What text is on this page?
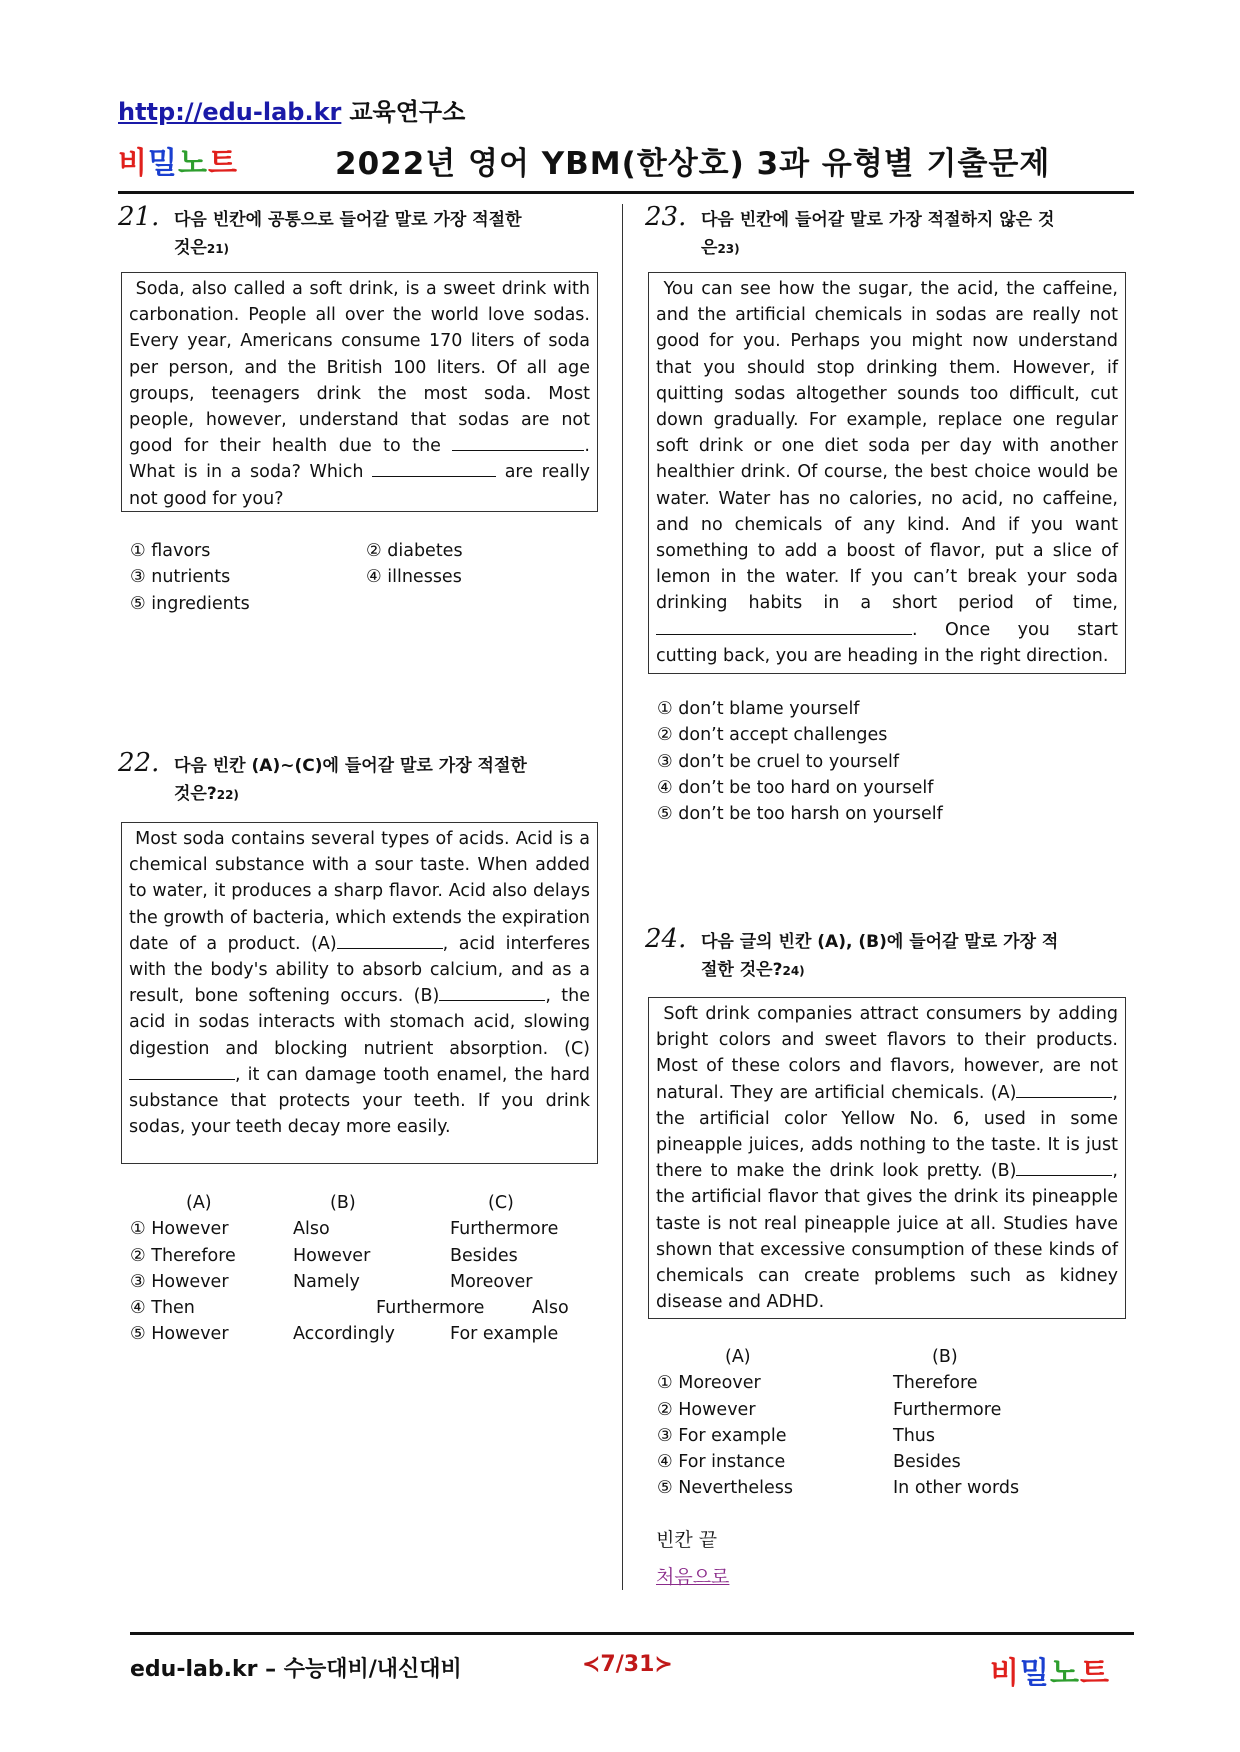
http://edu-lab.kr 교육연구소
비밀노트	2022년 영어 YBM(한상호) 3과 유형별 기출문제
21. 다음 빈칸에 공통으로 들어갈 말로 가장 적절한
것은21)
Soda, also called a soft drink, is a sweet drink with carbonation. People all over the world love sodas. Every year, Americans consume 170 liters of soda per person, and the British 100 liters. Of all age groups, teenagers drink the most soda. Most people, however, understand that sodas are not good for their health due to the	. What is in a soda? Which	are really not good for you?
① flavors	② diabetes
③ nutrients	④ illnesses
⑤ ingredients
22. 다음 빈칸 (A)~(C)에 들어갈 말로 가장 적절한
것은?22)
Most soda contains several types of acids. Acid is a chemical substance with a sour taste. When added to water, it produces a sharp flavor. Acid also delays the growth of bacteria, which extends the expiration date of a product. (A)	, acid interferes with the body's ability to absorb calcium, and as a result, bone softening occurs. (B)	, the acid in sodas interacts with stomach acid, slowing digestion and blocking nutrient absorption. (C), it can damage tooth enamel, the hard substance that protects your teeth. If you drink sodas, your teeth decay more easily.
(A)	(B)	(C)
① However	Also	Furthermore
② Therefore	However	Besides
③ However	Namely	Moreover
④ Then	Furthermore	Also
⑤ However	Accordingly	For example
23. 다음 빈칸에 들어갈 말로 가장 적절하지 않은 것
은23)
You can see how the sugar, the acid, the caffeine, and the artificial chemicals in sodas are really not good for you. Perhaps you might now understand that you should stop drinking them. However, if quitting sodas altogether sounds too difficult, cut down gradually. For example, replace one regular soft drink or one diet soda per day with another healthier drink. Of course, the best choice would be water. Water has no calories, no acid, no caffeine, and no chemicals of any kind. And if you want something to add a boost of flavor, put a slice of lemon in the water. If you can’t break your soda drinking habits in a short period of time, . Once you start cutting back, you are heading in the right direction.
① don’t blame yourself
② don’t accept challenges
③ don’t be cruel to yourself
④ don’t be too hard on yourself
⑤ don’t be too harsh on yourself
24. 다음 글의 빈칸 (A), (B)에 들어갈 말로 가장 적
절한 것은?24)
Soft drink companies attract consumers by adding bright colors and sweet flavors to their products. Most of these colors and flavors, however, are not natural. They are artificial chemicals. (A)	, the artificial color Yellow No. 6, used in some pineapple juices, adds nothing to the taste. It is just there to make the drink look pretty. (B)	, the artificial flavor that gives the drink its pineapple taste is not real pineapple juice at all. Studies have shown that excessive consumption of these kinds of chemicals can create problems such as kidney disease and ADHD.
(A)	(B)
① Moreover	Therefore
② However	Furthermore
③ For example	Thus
④ For instance	Besides
⑤ Nevertheless	In other words
빈칸 끝
처음으로
edu-lab.kr – 수능대비/내신대비	≺7/31≻	비밀노트
